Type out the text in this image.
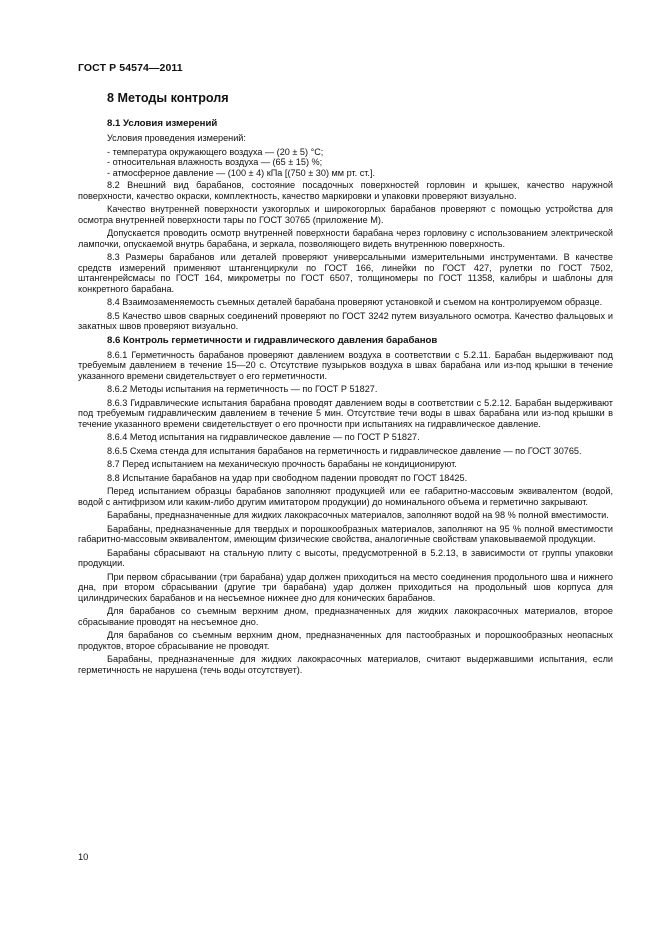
ГОСТ Р 54574—2011
8 Методы контроля
8.1 Условия измерений

Условия проведения измерений:

- температура окружающего воздуха — (20 ± 5) °C;

- относительная влажность воздуха — (65 ± 15) %;

- атмосферное давление — (100 ± 4) кПа [(750 ± 30) мм рт. ст.].

8.2 Внешний вид барабанов, состояние посадочных поверхностей горловин и крышек, качество наружной поверхности, качество окраски, комплектность, качество маркировки и упаковки проверяют визуально.

Качество внутренней поверхности узкогорлых и широкогорлых барабанов проверяют с помощью устройства для осмотра внутренней поверхности тары по ГОСТ 30765 (приложение М).

Допускается проводить осмотр внутренней поверхности барабана через горловину с использованием электрической лампочки, опускаемой внутрь барабана, и зеркала, позволяющего видеть внутреннюю поверхность.

8.3 Размеры барабанов или деталей проверяют универсальными измерительными инструментами. В качестве средств измерений применяют штангенциркули по ГОСТ 166, линейки по ГОСТ 427, рулетки по ГОСТ 7502, штангенрейсмасы по ГОСТ 164, микрометры по ГОСТ 6507, толщиномеры по ГОСТ 11358, калибры и шаблоны для конкретного барабана.

8.4 Взаимозаменяемость съемных деталей барабана проверяют установкой и съемом на контролируемом образце.

8.5 Качество швов сварных соединений проверяют по ГОСТ 3242 путем визуального осмотра. Качество фальцовых и закатных швов проверяют визуально.

8.6 Контроль герметичности и гидравлического давления барабанов

8.6.1 Герметичность барабанов проверяют давлением воздуха в соответствии с 5.2.11. Барабан выдерживают под требуемым давлением в течение 15—20 с. Отсутствие пузырьков воздуха в швах барабана или из-под крышки в течение указанного времени свидетельствует о его герметичности.

8.6.2 Методы испытания на герметичность — по ГОСТ Р 51827.

8.6.3 Гидравлические испытания барабана проводят давлением воды в соответствии с 5.2.12. Барабан выдерживают под требуемым гидравлическим давлением в течение 5 мин. Отсутствие течи воды в швах барабана или из-под крышки в течение указанного времени свидетельствует о его прочности при испытаниях на гидравлическое давление.

8.6.4 Метод испытания на гидравлическое давление — по ГОСТ Р 51827.

8.6.5 Схема стенда для испытания барабанов на герметичность и гидравлическое давление — по ГОСТ 30765.

8.7 Перед испытанием на механическую прочность барабаны не кондиционируют.

8.8 Испытание барабанов на удар при свободном падении проводят по ГОСТ 18425.

Перед испытанием образцы барабанов заполняют продукцией или ее габаритно-массовым эквивалентом (водой, водой с антифризом или каким-либо другим имитатором продукции) до номинального объема и герметично закрывают.

Барабаны, предназначенные для жидких лакокрасочных материалов, заполняют водой на 98 % полной вместимости.

Барабаны, предназначенные для твердых и порошкообразных материалов, заполняют на 95 % полной вместимости габаритно-массовым эквивалентом, имеющим физические свойства, аналогичные свойствам упаковываемой продукции.

Барабаны сбрасывают на стальную плиту с высоты, предусмотренной в 5.2.13, в зависимости от группы упаковки продукции.

При первом сбрасывании (три барабана) удар должен приходиться на место соединения продольного шва и нижнего дна, при втором сбрасывании (другие три барабана) удар должен приходиться на продольный шов корпуса для цилиндрических барабанов и на несъемное нижнее дно для конических барабанов.

Для барабанов со съемным верхним дном, предназначенных для жидких лакокрасочных материалов, второе сбрасывание проводят на несъемное дно.

Для барабанов со съемным верхним дном, предназначенных для пастообразных и порошкообразных неопасных продуктов, второе сбрасывание не проводят.

Барабаны, предназначенные для жидких лакокрасочных материалов, считают выдержавшими испытания, если герметичность не нарушена (течь воды отсутствует).

10
